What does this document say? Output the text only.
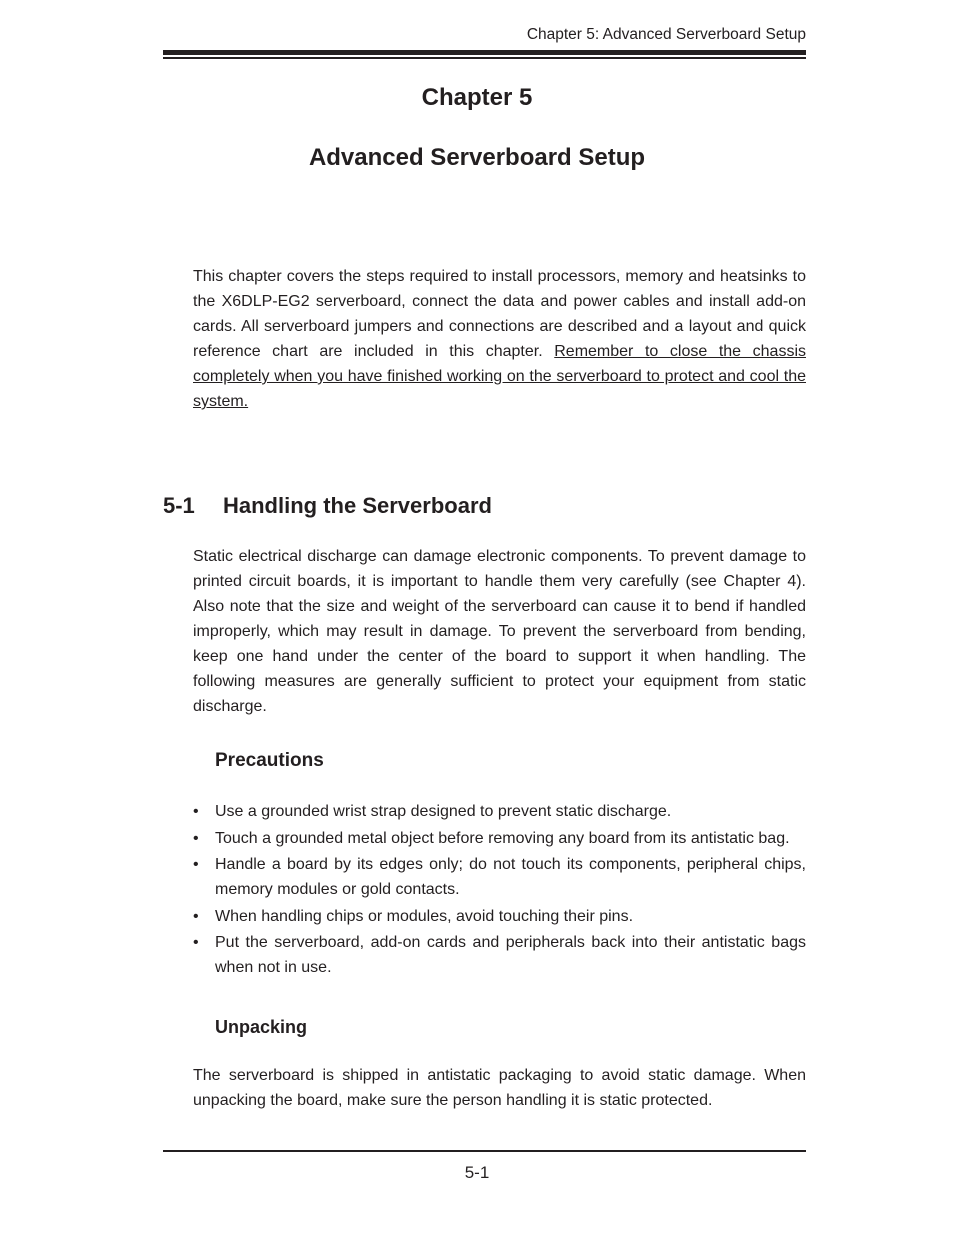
Chapter 5: Advanced Serverboard Setup
Chapter 5
Advanced Serverboard Setup

This chapter covers the steps required to install processors, memory and heatsinks to the X6DLP-EG2 serverboard, connect the data and power cables and install add-on cards. All serverboard jumpers and connections are described and a layout and quick reference chart are included in this chapter. Remember to close the chassis completely when you have finished working on the serverboard to protect and cool the system.

5-1 Handling the Serverboard

Static electrical discharge can damage electronic components. To prevent damage to printed circuit boards, it is important to handle them very carefully (see Chapter 4). Also note that the size and weight of the serverboard can cause it to bend if handled improperly, which may result in damage. To prevent the serverboard from bending, keep one hand under the center of the board to support it when handling. The following measures are generally sufficient to protect your equipment from static discharge.

Precautions
• Use a grounded wrist strap designed to prevent static discharge.
• Touch a grounded metal object before removing any board from its antistatic bag.
• Handle a board by its edges only; do not touch its components, peripheral chips, memory modules or gold contacts.
• When handling chips or modules, avoid touching their pins.
• Put the serverboard, add-on cards and peripherals back into their antistatic bags when not in use.
Unpacking

The serverboard is shipped in antistatic packaging to avoid static damage. When unpacking the board, make sure the person handling it is static protected.

5-1
